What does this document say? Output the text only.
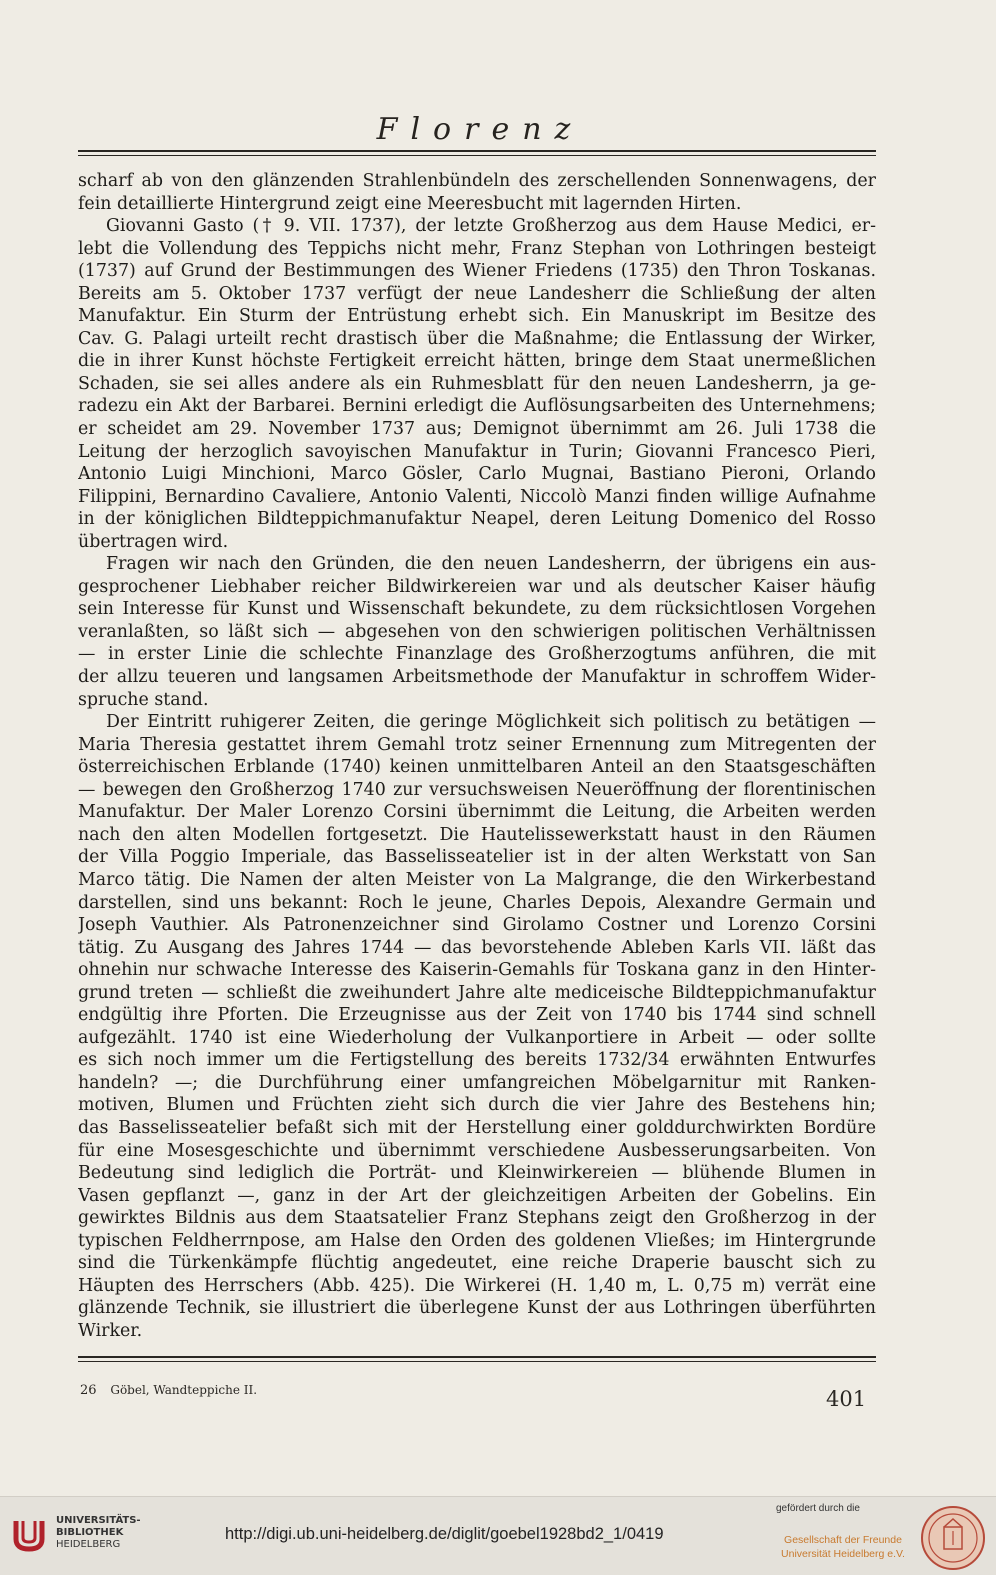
Florenz
scharf ab von den glänzenden Strahlenbündeln des zerschellenden Sonnenwagens, der
fein detaillierte Hintergrund zeigt eine Meeresbucht mit lagernden Hirten.
Giovanni Gasto († 9. VII. 1737), der letzte Großherzog aus dem Hause Medici, er-
lebt die Vollendung des Teppichs nicht mehr, Franz Stephan von Lothringen besteigt
(1737) auf Grund der Bestimmungen des Wiener Friedens (1735) den Thron Toskanas.
Bereits am 5. Oktober 1737 verfügt der neue Landesherr die Schließung der alten
Manufaktur. Ein Sturm der Entrüstung erhebt sich. Ein Manuskript im Besitze des
Cav. G. Palagi urteilt recht drastisch über die Maßnahme; die Entlassung der Wirker,
die in ihrer Kunst höchste Fertigkeit erreicht hätten, bringe dem Staat unermeßlichen
Schaden, sie sei alles andere als ein Ruhmesblatt für den neuen Landesherrn, ja ge-
radezu ein Akt der Barbarei. Bernini erledigt die Auflösungsarbeiten des Unternehmens;
er scheidet am 29. November 1737 aus; Demignot übernimmt am 26. Juli 1738 die
Leitung der herzoglich savoyischen Manufaktur in Turin; Giovanni Francesco Pieri,
Antonio Luigi Minchioni, Marco Gösler, Carlo Mugnai, Bastiano Pieroni, Orlando
Filippini, Bernardino Cavaliere, Antonio Valenti, Niccolò Manzi finden willige Aufnahme
in der königlichen Bildteppichmanufaktur Neapel, deren Leitung Domenico del Rosso
übertragen wird.
Fragen wir nach den Gründen, die den neuen Landesherrn, der übrigens ein aus-
gesprochener Liebhaber reicher Bildwirkereien war und als deutscher Kaiser häufig
sein Interesse für Kunst und Wissenschaft bekundete, zu dem rücksichtlosen Vorgehen
veranlaßten, so läßt sich — abgesehen von den schwierigen politischen Verhältnissen
— in erster Linie die schlechte Finanzlage des Großherzogtums anführen, die mit
der allzu teueren und langsamen Arbeitsmethode der Manufaktur in schroffem Wider-
spruche stand.
Der Eintritt ruhigerer Zeiten, die geringe Möglichkeit sich politisch zu betätigen —
Maria Theresia gestattet ihrem Gemahl trotz seiner Ernennung zum Mitregenten der
österreichischen Erblande (1740) keinen unmittelbaren Anteil an den Staatsgeschäften
— bewegen den Großherzog 1740 zur versuchsweisen Neueröffnung der florentinischen
Manufaktur. Der Maler Lorenzo Corsini übernimmt die Leitung, die Arbeiten werden
nach den alten Modellen fortgesetzt. Die Hautelissewerkstatt haust in den Räumen
der Villa Poggio Imperiale, das Basselisseatelier ist in der alten Werkstatt von San
Marco tätig. Die Namen der alten Meister von La Malgrange, die den Wirkerbestand
darstellen, sind uns bekannt: Roch le jeune, Charles Depois, Alexandre Germain und
Joseph Vauthier. Als Patronenzeichner sind Girolamo Costner und Lorenzo Corsini
tätig. Zu Ausgang des Jahres 1744 — das bevorstehende Ableben Karls VII. läßt das
ohnehin nur schwache Interesse des Kaiserin-Gemahls für Toskana ganz in den Hinter-
grund treten — schließt die zweihundert Jahre alte mediceische Bildteppichmanufaktur
endgültig ihre Pforten. Die Erzeugnisse aus der Zeit von 1740 bis 1744 sind schnell
aufgezählt. 1740 ist eine Wiederholung der Vulkanportiere in Arbeit — oder sollte
es sich noch immer um die Fertigstellung des bereits 1732/34 erwähnten Entwurfes
handeln? —; die Durchführung einer umfangreichen Möbelgarnitur mit Ranken-
motiven, Blumen und Früchten zieht sich durch die vier Jahre des Bestehens hin;
das Basselisseatelier befaßt sich mit der Herstellung einer golddurchwirkten Bordüre
für eine Mosesgeschichte und übernimmt verschiedene Ausbesserungsarbeiten. Von
Bedeutung sind lediglich die Porträt- und Kleinwirkereien — blühende Blumen in
Vasen gepflanzt —, ganz in der Art der gleichzeitigen Arbeiten der Gobelins. Ein
gewirktes Bildnis aus dem Staatsatelier Franz Stephans zeigt den Großherzog in der
typischen Feldherrnpose, am Halse den Orden des goldenen Vließes; im Hintergrunde
sind die Türkenkämpfe flüchtig angedeutet, eine reiche Draperie bauscht sich zu
Häupten des Herrschers (Abb. 425). Die Wirkerei (H. 1,40 m, L. 0,75 m) verrät eine
glänzende Technik, sie illustriert die überlegene Kunst der aus Lothringen überführten
Wirker.
26 Göbel, Wandteppiche II.	401
UNIVERSITÄTS-
BIBLIOTHEK
HEIDELBERG
http://digi.ub.uni-heidelberg.de/diglit/goebel1928bd2_1/0419
gefördert durch die
Gesellschaft der Freunde
Universität Heidelberg e.V.
